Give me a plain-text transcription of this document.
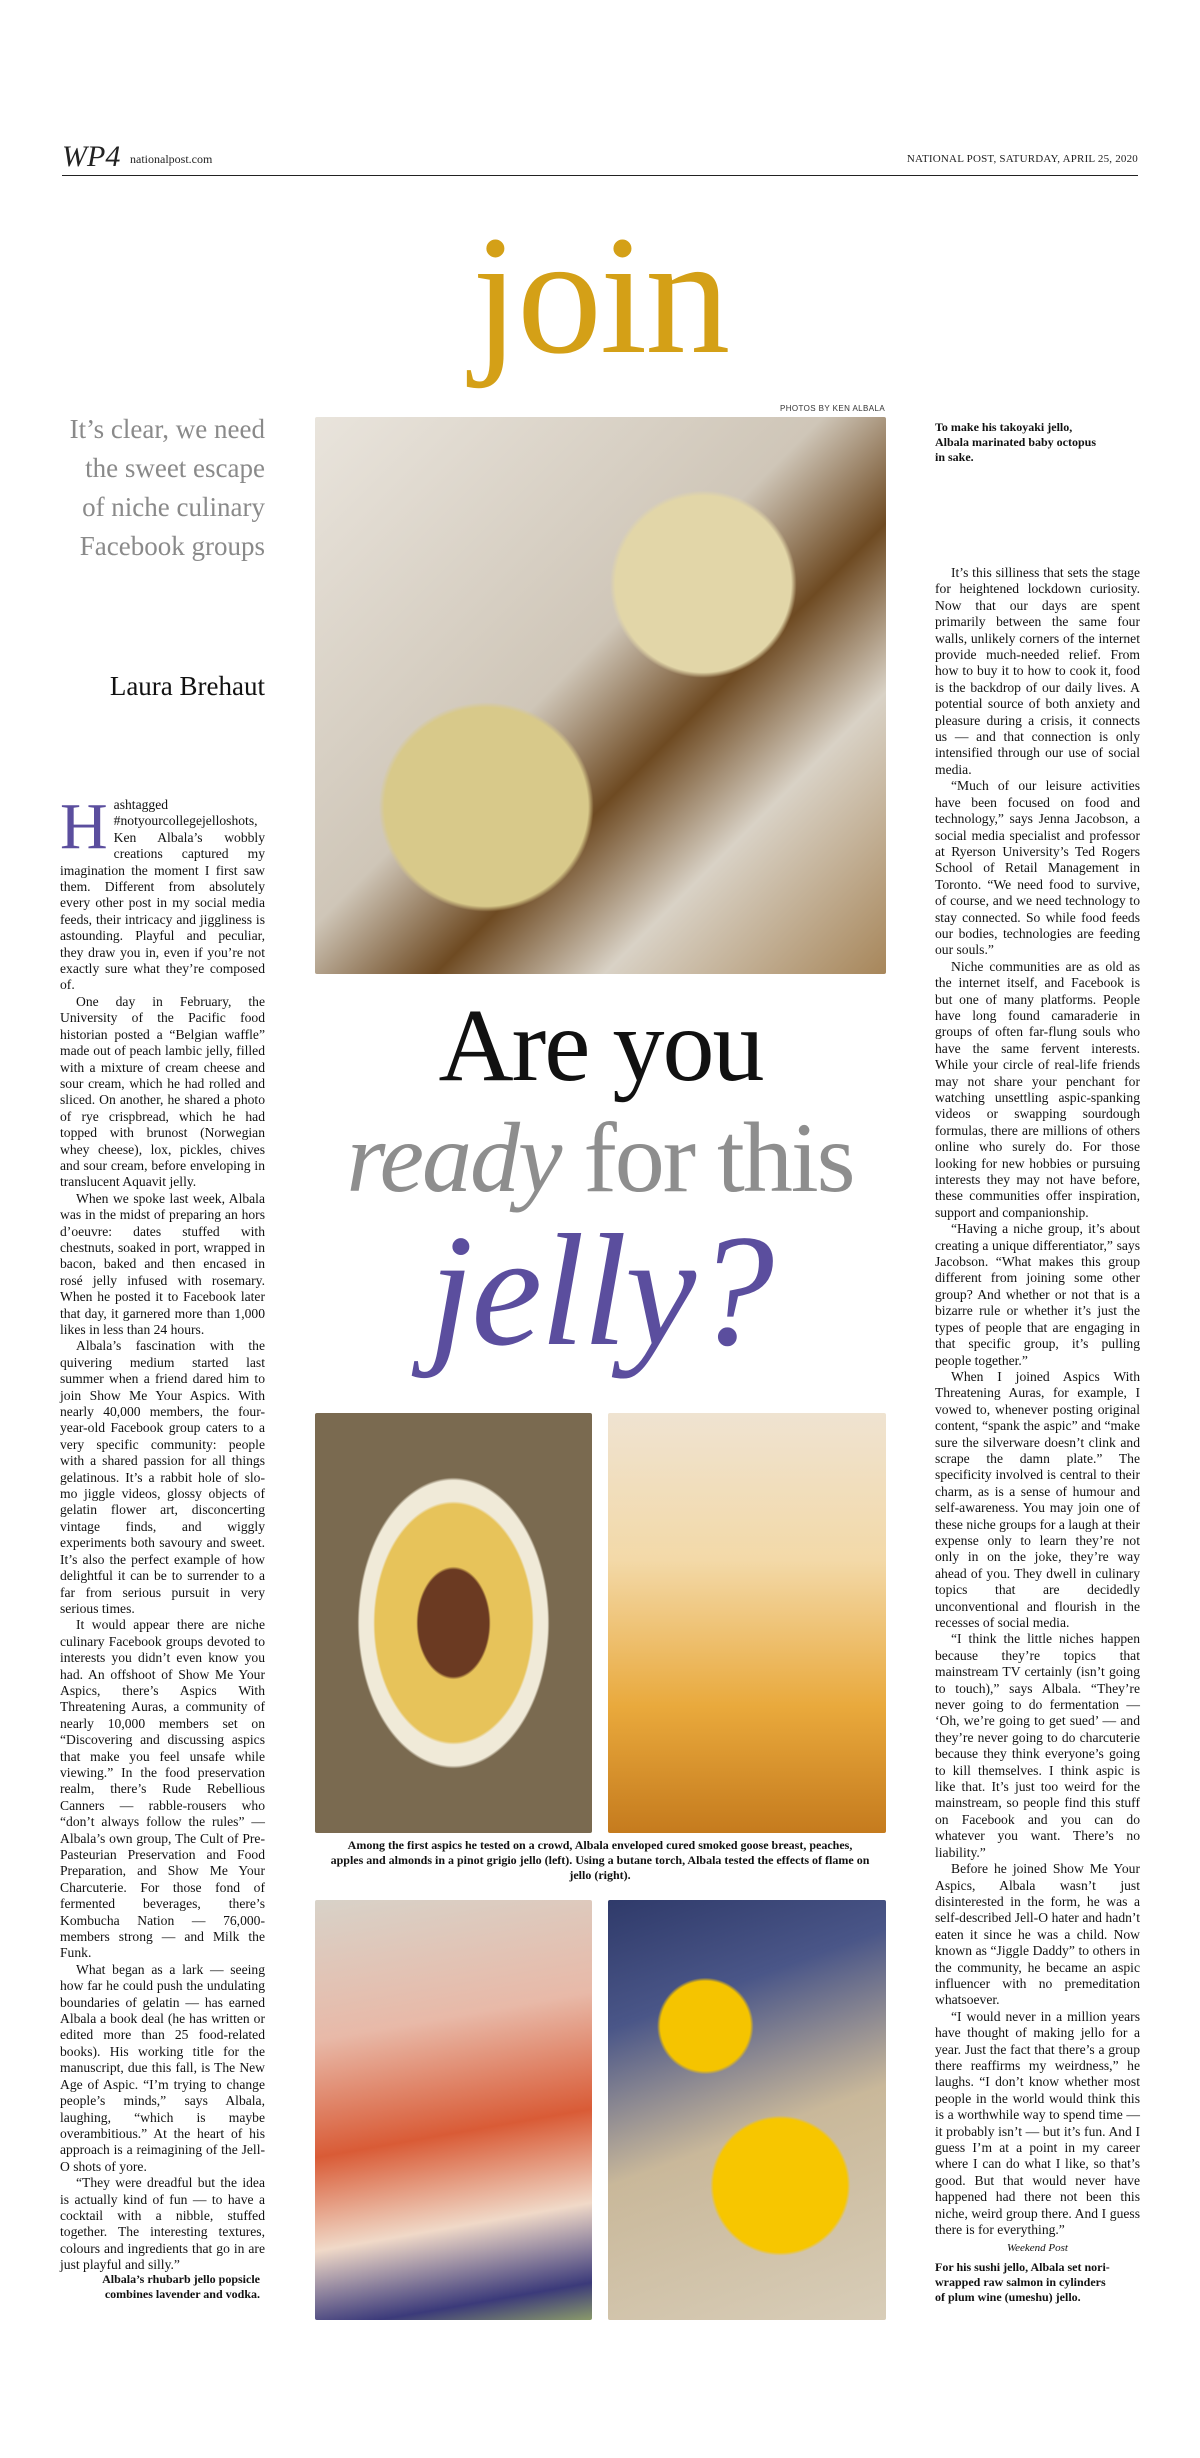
WP4 nationalpost.com	NATIONAL POST, SATURDAY, APRIL 25, 2020
join
PHOTOS BY KEN ALBALA
It’s clear, we need the sweet escape of niche culinary Facebook groups
Laura Brehaut
To make his takoyaki jello, Albala marinated baby octopus in sake.
Among the first aspics he tested on a crowd, Albala enveloped cured smoked goose breast, peaches, apples and almonds in a pinot grigio jello (left). Using a butane torch, Albala tested the effects of flame on jello (right).
Albala’s rhubarb jello popsicle combines lavender and vodka.
For his sushi jello, Albala set nori-wrapped raw salmon in cylinders of plum wine (umeshu) jello.
Are you
ready for this
jelly?
H ashtagged #notyourcollegejelloshots, Ken Albala’s wobbly creations captured my imagination the moment I first saw them. Different from absolutely every other post in my social media feeds, their intricacy and jiggliness is astounding. Playful and peculiar, they draw you in, even if you’re not exactly sure what they’re composed of.

One day in February, the University of the Pacific food historian posted a “Belgian waffle” made out of peach lambic jelly, filled with a mixture of cream cheese and sour cream, which he had rolled and sliced. On another, he shared a photo of rye crispbread, which he had topped with brunost (Norwegian whey cheese), lox, pickles, chives and sour cream, before enveloping in translucent Aquavit jelly.

When we spoke last week, Albala was in the midst of preparing an hors d’oeuvre: dates stuffed with chestnuts, soaked in port, wrapped in bacon, baked and then encased in rosé jelly infused with rosemary. When he posted it to Facebook later that day, it garnered more than 1,000 likes in less than 24 hours.

Albala’s fascination with the quivering medium started last summer when a friend dared him to join Show Me Your Aspics. With nearly 40,000 members, the four-year-old Facebook group caters to a very specific community: people with a shared passion for all things gelatinous. It’s a rabbit hole of slo-mo jiggle videos, glossy objects of gelatin flower art, disconcerting vintage finds, and wiggly experiments both savoury and sweet. It’s also the perfect example of how delightful it can be to surrender to a far from serious pursuit in very serious times.

It would appear there are niche culinary Facebook groups devoted to interests you didn’t even know you had. An offshoot of Show Me Your Aspics, there’s Aspics With Threatening Auras, a community of nearly 10,000 members set on “Discovering and discussing aspics that make you feel unsafe while viewing.” In the food preservation realm, there’s Rude Rebellious Canners — rabble-rousers who “don’t always follow the rules” — Albala’s own group, The Cult of Pre-Pasteurian Preservation and Food Preparation, and Show Me Your Charcuterie. For those fond of fermented beverages, there’s Kombucha Nation — 76,000-members strong — and Milk the Funk.

What began as a lark — seeing how far he could push the undulating boundaries of gelatin — has earned Albala a book deal (he has written or edited more than 25 food-related books). His working title for the manuscript, due this fall, is The New Age of Aspic. “I’m trying to change people’s minds,” says Albala, laughing, “which is maybe overambitious.” At the heart of his approach is a reimagining of the Jell-O shots of yore.

“They were dreadful but the idea is actually kind of fun — to have a cocktail with a nibble, stuffed together. The interesting textures, colours and ingredients that go in are just playful and silly.”

It’s this silliness that sets the stage for heightened lockdown curiosity. Now that our days are spent primarily between the same four walls, unlikely corners of the internet provide much-needed relief. From how to buy it to how to cook it, food is the backdrop of our daily lives. A potential source of both anxiety and pleasure during a crisis, it connects us — and that connection is only intensified through our use of social media.

“Much of our leisure activities have been focused on food and technology,” says Jenna Jacobson, a social media specialist and professor at Ryerson University’s Ted Rogers School of Retail Management in Toronto. “We need food to survive, of course, and we need technology to stay connected. So while food feeds our bodies, technologies are feeding our souls.”

Niche communities are as old as the internet itself, and Facebook is but one of many platforms. People have long found camaraderie in groups of often far-flung souls who have the same fervent interests. While your circle of real-life friends may not share your penchant for watching unsettling aspic-spanking videos or swapping sourdough formulas, there are millions of others online who surely do. For those looking for new hobbies or pursuing interests they may not have before, these communities offer inspiration, support and companionship.

“Having a niche group, it’s about creating a unique differentiator,” says Jacobson. “What makes this group different from joining some other group? And whether or not that is a bizarre rule or whether it’s just the types of people that are engaging in that specific group, it’s pulling people together.”

When I joined Aspics With Threatening Auras, for example, I vowed to, whenever posting original content, “spank the aspic” and “make sure the silverware doesn’t clink and scrape the damn plate.” The specificity involved is central to their charm, as is a sense of humour and self-awareness. You may join one of these niche groups for a laugh at their expense only to learn they’re not only in on the joke, they’re way ahead of you. They dwell in culinary topics that are decidedly unconventional and flourish in the recesses of social media.

“I think the little niches happen because they’re topics that mainstream TV certainly (isn’t going to touch),” says Albala. “They’re never going to do fermentation — ‘Oh, we’re going to get sued’ — and they’re never going to do charcuterie because they think everyone’s going to kill themselves. I think aspic is like that. It’s just too weird for the mainstream, so people find this stuff on Facebook and you can do whatever you want. There’s no liability.”

Before he joined Show Me Your Aspics, Albala wasn’t just disinterested in the form, he was a self-described Jell-O hater and hadn’t eaten it since he was a child. Now known as “Jiggle Daddy” to others in the community, he became an aspic influencer with no premeditation whatsoever.

“I would never in a million years have thought of making jello for a year. Just the fact that there’s a group there reaffirms my weirdness,” he laughs. “I don’t know whether most people in the world would think this is a worthwhile way to spend time — it probably isn’t — but it’s fun. And I guess I’m at a point in my career where I can do what I like, so that’s good. But that would never have happened had there not been this niche, weird group there. And I guess there is for everything.”

Weekend Post
